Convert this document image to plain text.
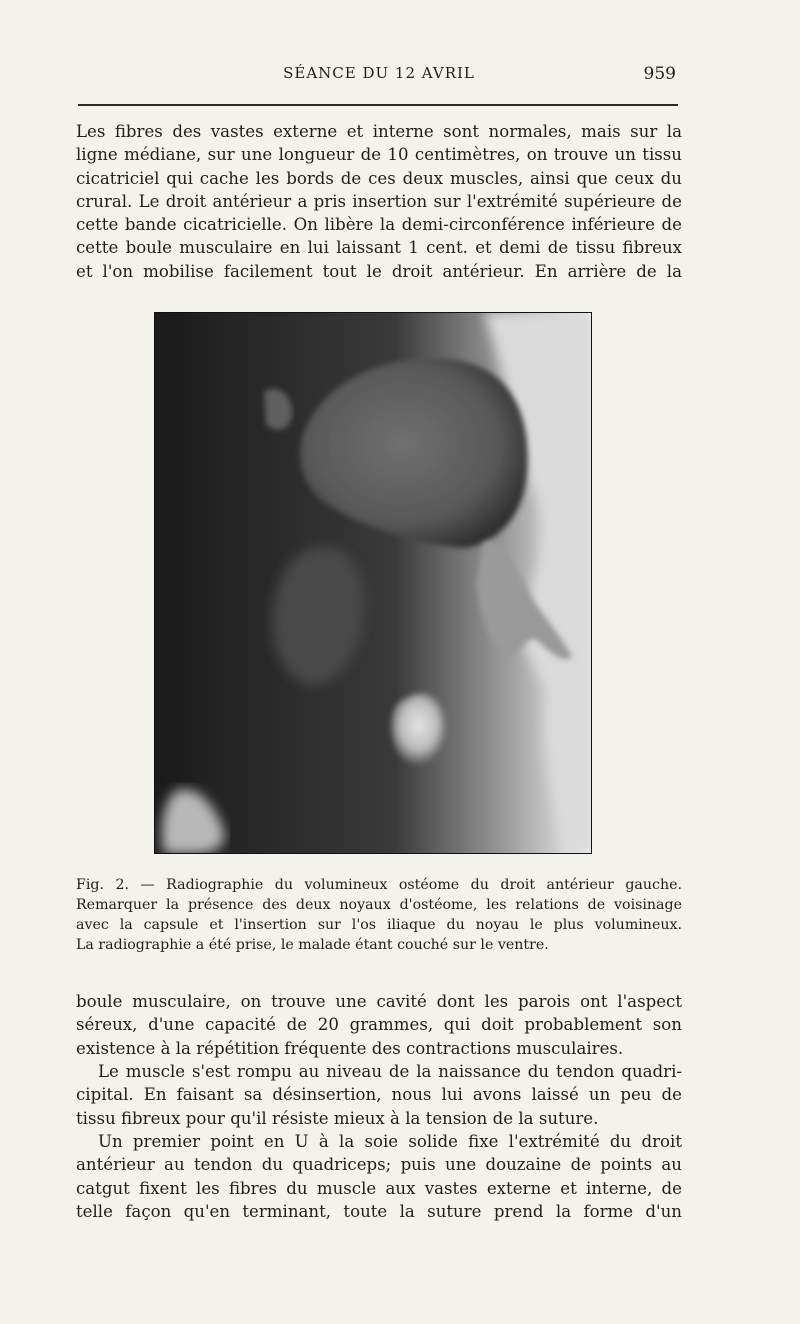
SÉANCE DU 12 AVRIL	959
Les fibres des vastes externe et interne sont normales, mais sur la
ligne médiane, sur une longueur de 10 centimètres, on trouve un tissu
cicatriciel qui cache les bords de ces deux muscles, ainsi que ceux du
crural. Le droit antérieur a pris insertion sur l'extrémité supérieure de
cette bande cicatricielle. On libère la demi-circonférence inférieure de
cette boule musculaire en lui laissant 1 cent. et demi de tissu fibreux
et l'on mobilise facilement tout le droit antérieur. En arrière de la
Fig. 2. — Radiographie du volumineux ostéome du droit antérieur gauche.
Remarquer la présence des deux noyaux d'ostéome, les relations de voisinage
avec la capsule et l'insertion sur l'os iliaque du noyau le plus volumineux.
La radiographie a été prise, le malade étant couché sur le ventre.
boule musculaire, on trouve une cavité dont les parois ont l'aspect
séreux, d'une capacité de 20 grammes, qui doit probablement son
existence à la répétition fréquente des contractions musculaires.
Le muscle s'est rompu au niveau de la naissance du tendon quadri-
cipital. En faisant sa désinsertion, nous lui avons laissé un peu de
tissu fibreux pour qu'il résiste mieux à la tension de la suture.
Un premier point en U à la soie solide fixe l'extrémité du droit
antérieur au tendon du quadriceps; puis une douzaine de points au
catgut fixent les fibres du muscle aux vastes externe et interne, de
telle façon qu'en terminant, toute la suture prend la forme d'un
